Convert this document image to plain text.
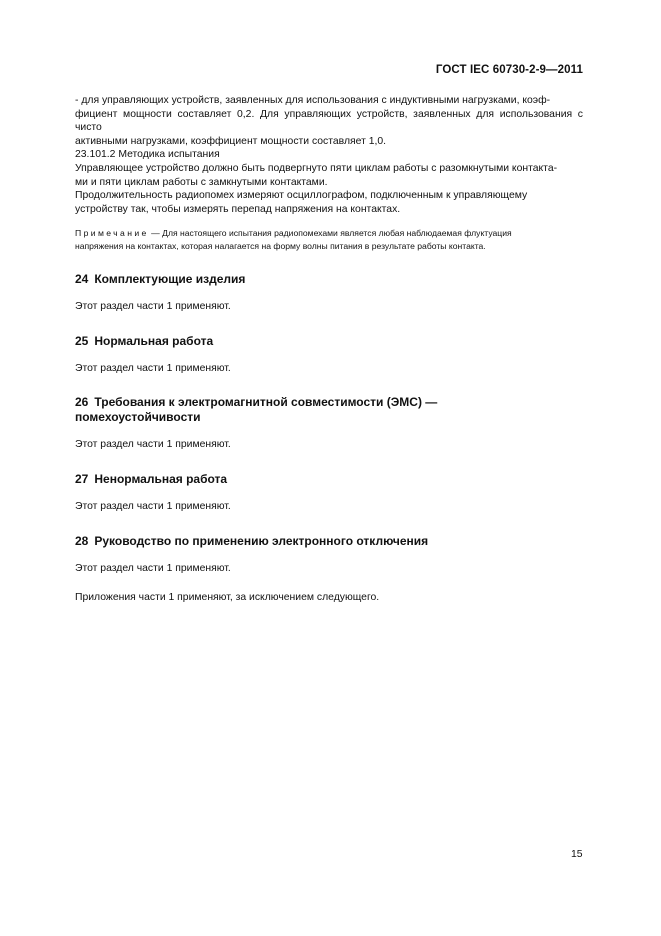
ГОСТ IEC 60730-2-9—2011

- для управляющих устройств, заявленных для использования с индуктивными нагрузками, коэф-

фициент мощности составляет 0,2. Для управляющих устройств, заявленных для использования с чисто

активными нагрузками, коэффициент мощности составляет 1,0.

23.101.2 Методика испытания

Управляющее устройство должно быть подвергнуто пяти циклам работы с разомкнутыми контакта-

ми и пяти циклам работы с замкнутыми контактами.

Продолжительность радиопомех измеряют осциллографом, подключенным к управляющему

устройству так, чтобы измерять перепад напряжения на контактах.

Примечание — Для настоящего испытания радиопомехами является любая наблюдаемая флуктуация
напряжения на контактах, которая налагается на форму волны питания в результате работы контакта.
24 Комплектующие изделия
Этот раздел части 1 применяют.
25 Нормальная работа
Этот раздел части 1 применяют.
26 Требования к электромагнитной совместимости (ЭМС) —
помехоустойчивости
Этот раздел части 1 применяют.
27 Ненормальная работа
Этот раздел части 1 применяют.
28 Руководство по применению электронного отключения
Этот раздел части 1 применяют.
Приложения части 1 применяют, за исключением следующего.
15
